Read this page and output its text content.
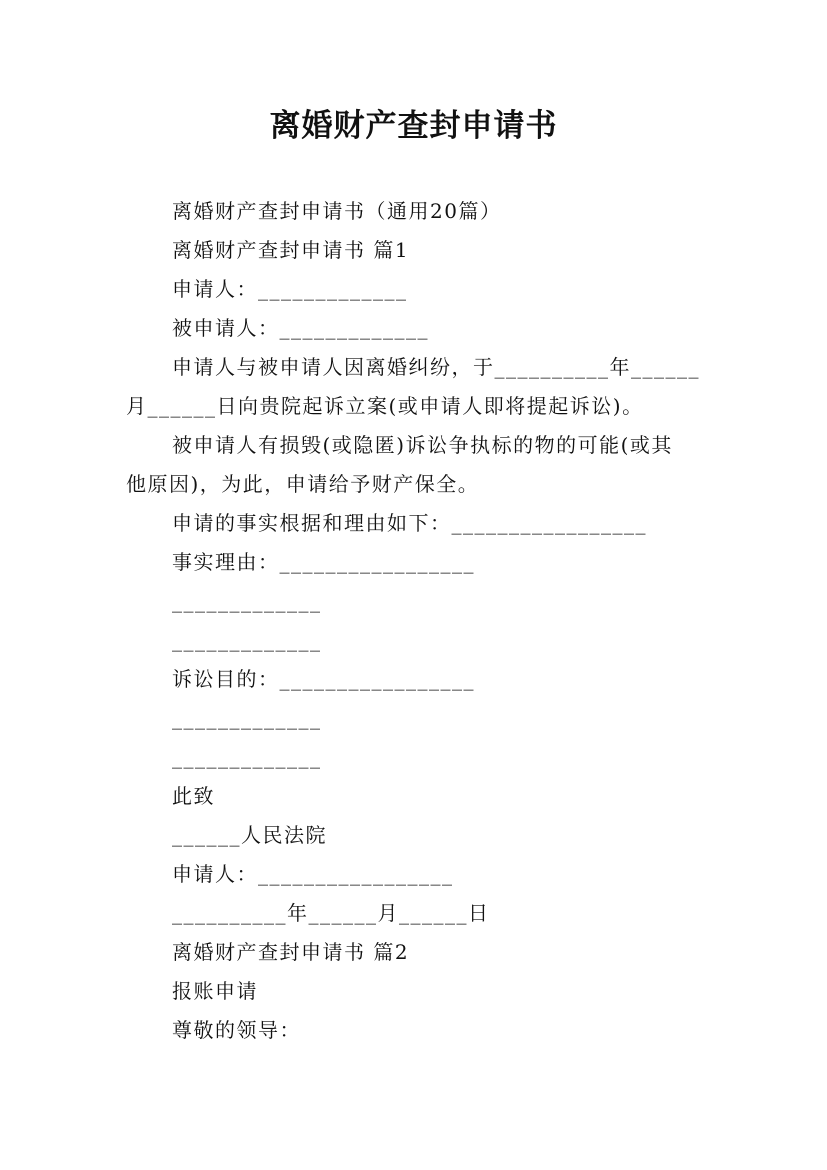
离婚财产查封申请书
离婚财产查封申请书（通用20篇）
离婚财产查封申请书 篇1
申请人：_____________
被申请人：_____________
申请人与被申请人因离婚纠纷，于__________年______
月______日向贵院起诉立案(或申请人即将提起诉讼)。
被申请人有损毁(或隐匿)诉讼争执标的物的可能(或其
他原因)，为此，申请给予财产保全。
申请的事实根据和理由如下：_________________
事实理由：_________________
_____________
_____________
诉讼目的：_________________
_____________
_____________
此致
______人民法院
申请人：_________________
__________年______月______日
离婚财产查封申请书 篇2
报账申请
尊敬的领导：
